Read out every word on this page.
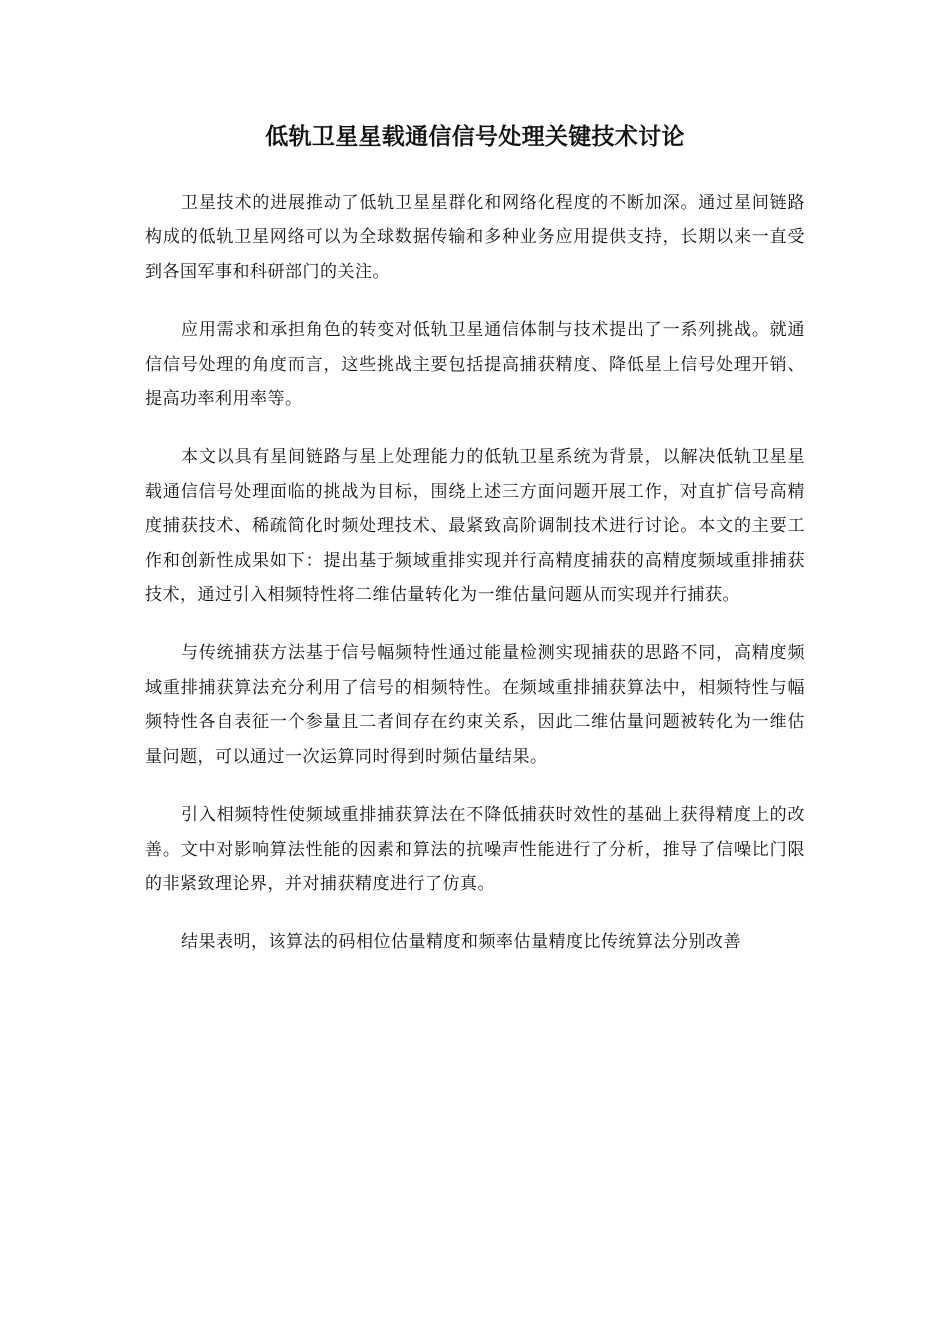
低轨卫星星载通信信号处理关键技术讨论

卫星技术的进展推动了低轨卫星星群化和网络化程度的不断加深。通过星间链路构成的低轨卫星网络可以为全球数据传输和多种业务应用提供支持，长期以来一直受到各国军事和科研部门的关注。

应用需求和承担角色的转变对低轨卫星通信体制与技术提出了一系列挑战。就通信信号处理的角度而言，这些挑战主要包括提高捕获精度、降低星上信号处理开销、提高功率利用率等。

本文以具有星间链路与星上处理能力的低轨卫星系统为背景，以解决低轨卫星星载通信信号处理面临的挑战为目标，围绕上述三方面问题开展工作，对直扩信号高精度捕获技术、稀疏简化时频处理技术、最紧致高阶调制技术进行讨论。本文的主要工作和创新性成果如下：提出基于频域重排实现并行高精度捕获的高精度频域重排捕获技术，通过引入相频特性将二维估量转化为一维估量问题从而实现并行捕获。

与传统捕获方法基于信号幅频特性通过能量检测实现捕获的思路不同，高精度频域重排捕获算法充分利用了信号的相频特性。在频域重排捕获算法中，相频特性与幅频特性各自表征一个参量且二者间存在约束关系，因此二维估量问题被转化为一维估量问题，可以通过一次运算同时得到时频估量结果。

引入相频特性使频域重排捕获算法在不降低捕获时效性的基础上获得精度上的改善。文中对影响算法性能的因素和算法的抗噪声性能进行了分析，推导了信噪比门限的非紧致理论界，并对捕获精度进行了仿真。

结果表明，该算法的码相位估量精度和频率估量精度比传统算法分别改善
